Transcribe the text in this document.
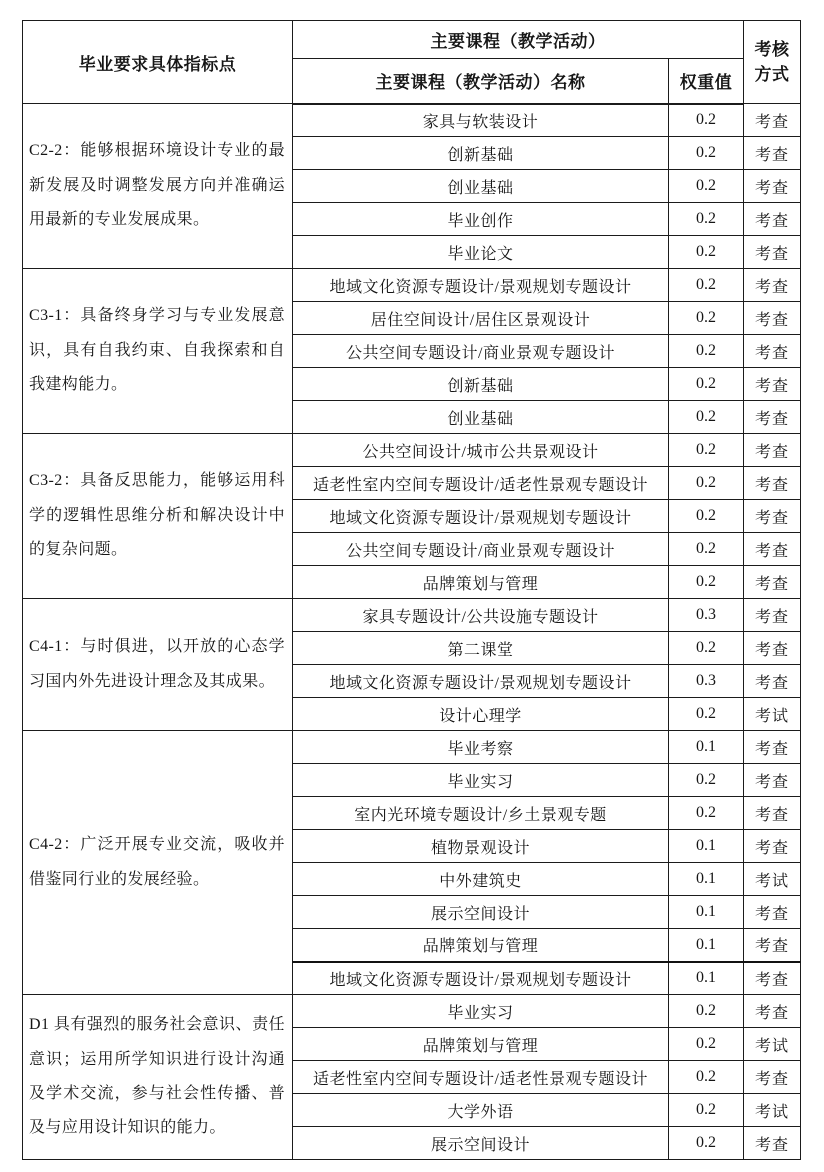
毕业要求具体指标点	主要课程（教学活动）		考核方式
	主要课程（教学活动）名称	权重值	
C2-2：能够根据环境设计专业的最新发展及时调整发展方向并准确运用最新的专业发展成果。	家具与软装设计	0.2	考查
	创新基础	0.2	考查
	创业基础	0.2	考查
	毕业创作	0.2	考查
	毕业论文	0.2	考查
C3-1：具备终身学习与专业发展意识，具有自我约束、自我探索和自我建构能力。	地域文化资源专题设计/景观规划专题设计	0.2	考查
	居住空间设计/居住区景观设计	0.2	考查
	公共空间专题设计/商业景观专题设计	0.2	考查
	创新基础	0.2	考查
	创业基础	0.2	考查
C3-2：具备反思能力，能够运用科学的逻辑性思维分析和解决设计中的复杂问题。	公共空间设计/城市公共景观设计	0.2	考查
	适老性室内空间专题设计/适老性景观专题设计	0.2	考查
	地域文化资源专题设计/景观规划专题设计	0.2	考查
	公共空间专题设计/商业景观专题设计	0.2	考查
	品牌策划与管理	0.2	考查
C4-1：与时俱进，以开放的心态学习国内外先进设计理念及其成果。	家具专题设计/公共设施专题设计	0.3	考查
	第二课堂	0.2	考查
	地域文化资源专题设计/景观规划专题设计	0.3	考查
	设计心理学	0.2	考试
C4-2：广泛开展专业交流，吸收并借鉴同行业的发展经验。	毕业考察	0.1	考查
	毕业实习	0.2	考查
	室内光环境专题设计/乡土景观专题	0.2	考查
	植物景观设计	0.1	考查
	中外建筑史	0.1	考试
	展示空间设计	0.1	考查
	品牌策划与管理	0.1	考查
	地域文化资源专题设计/景观规划专题设计	0.1	考查
D1 具有强烈的服务社会意识、责任意识；运用所学知识进行设计沟通及学术交流，参与社会性传播、普及与应用设计知识的能力。	毕业实习	0.2	考查
	品牌策划与管理	0.2	考试
	适老性室内空间专题设计/适老性景观专题设计	0.2	考查
	大学外语	0.2	考试
	展示空间设计	0.2	考查
